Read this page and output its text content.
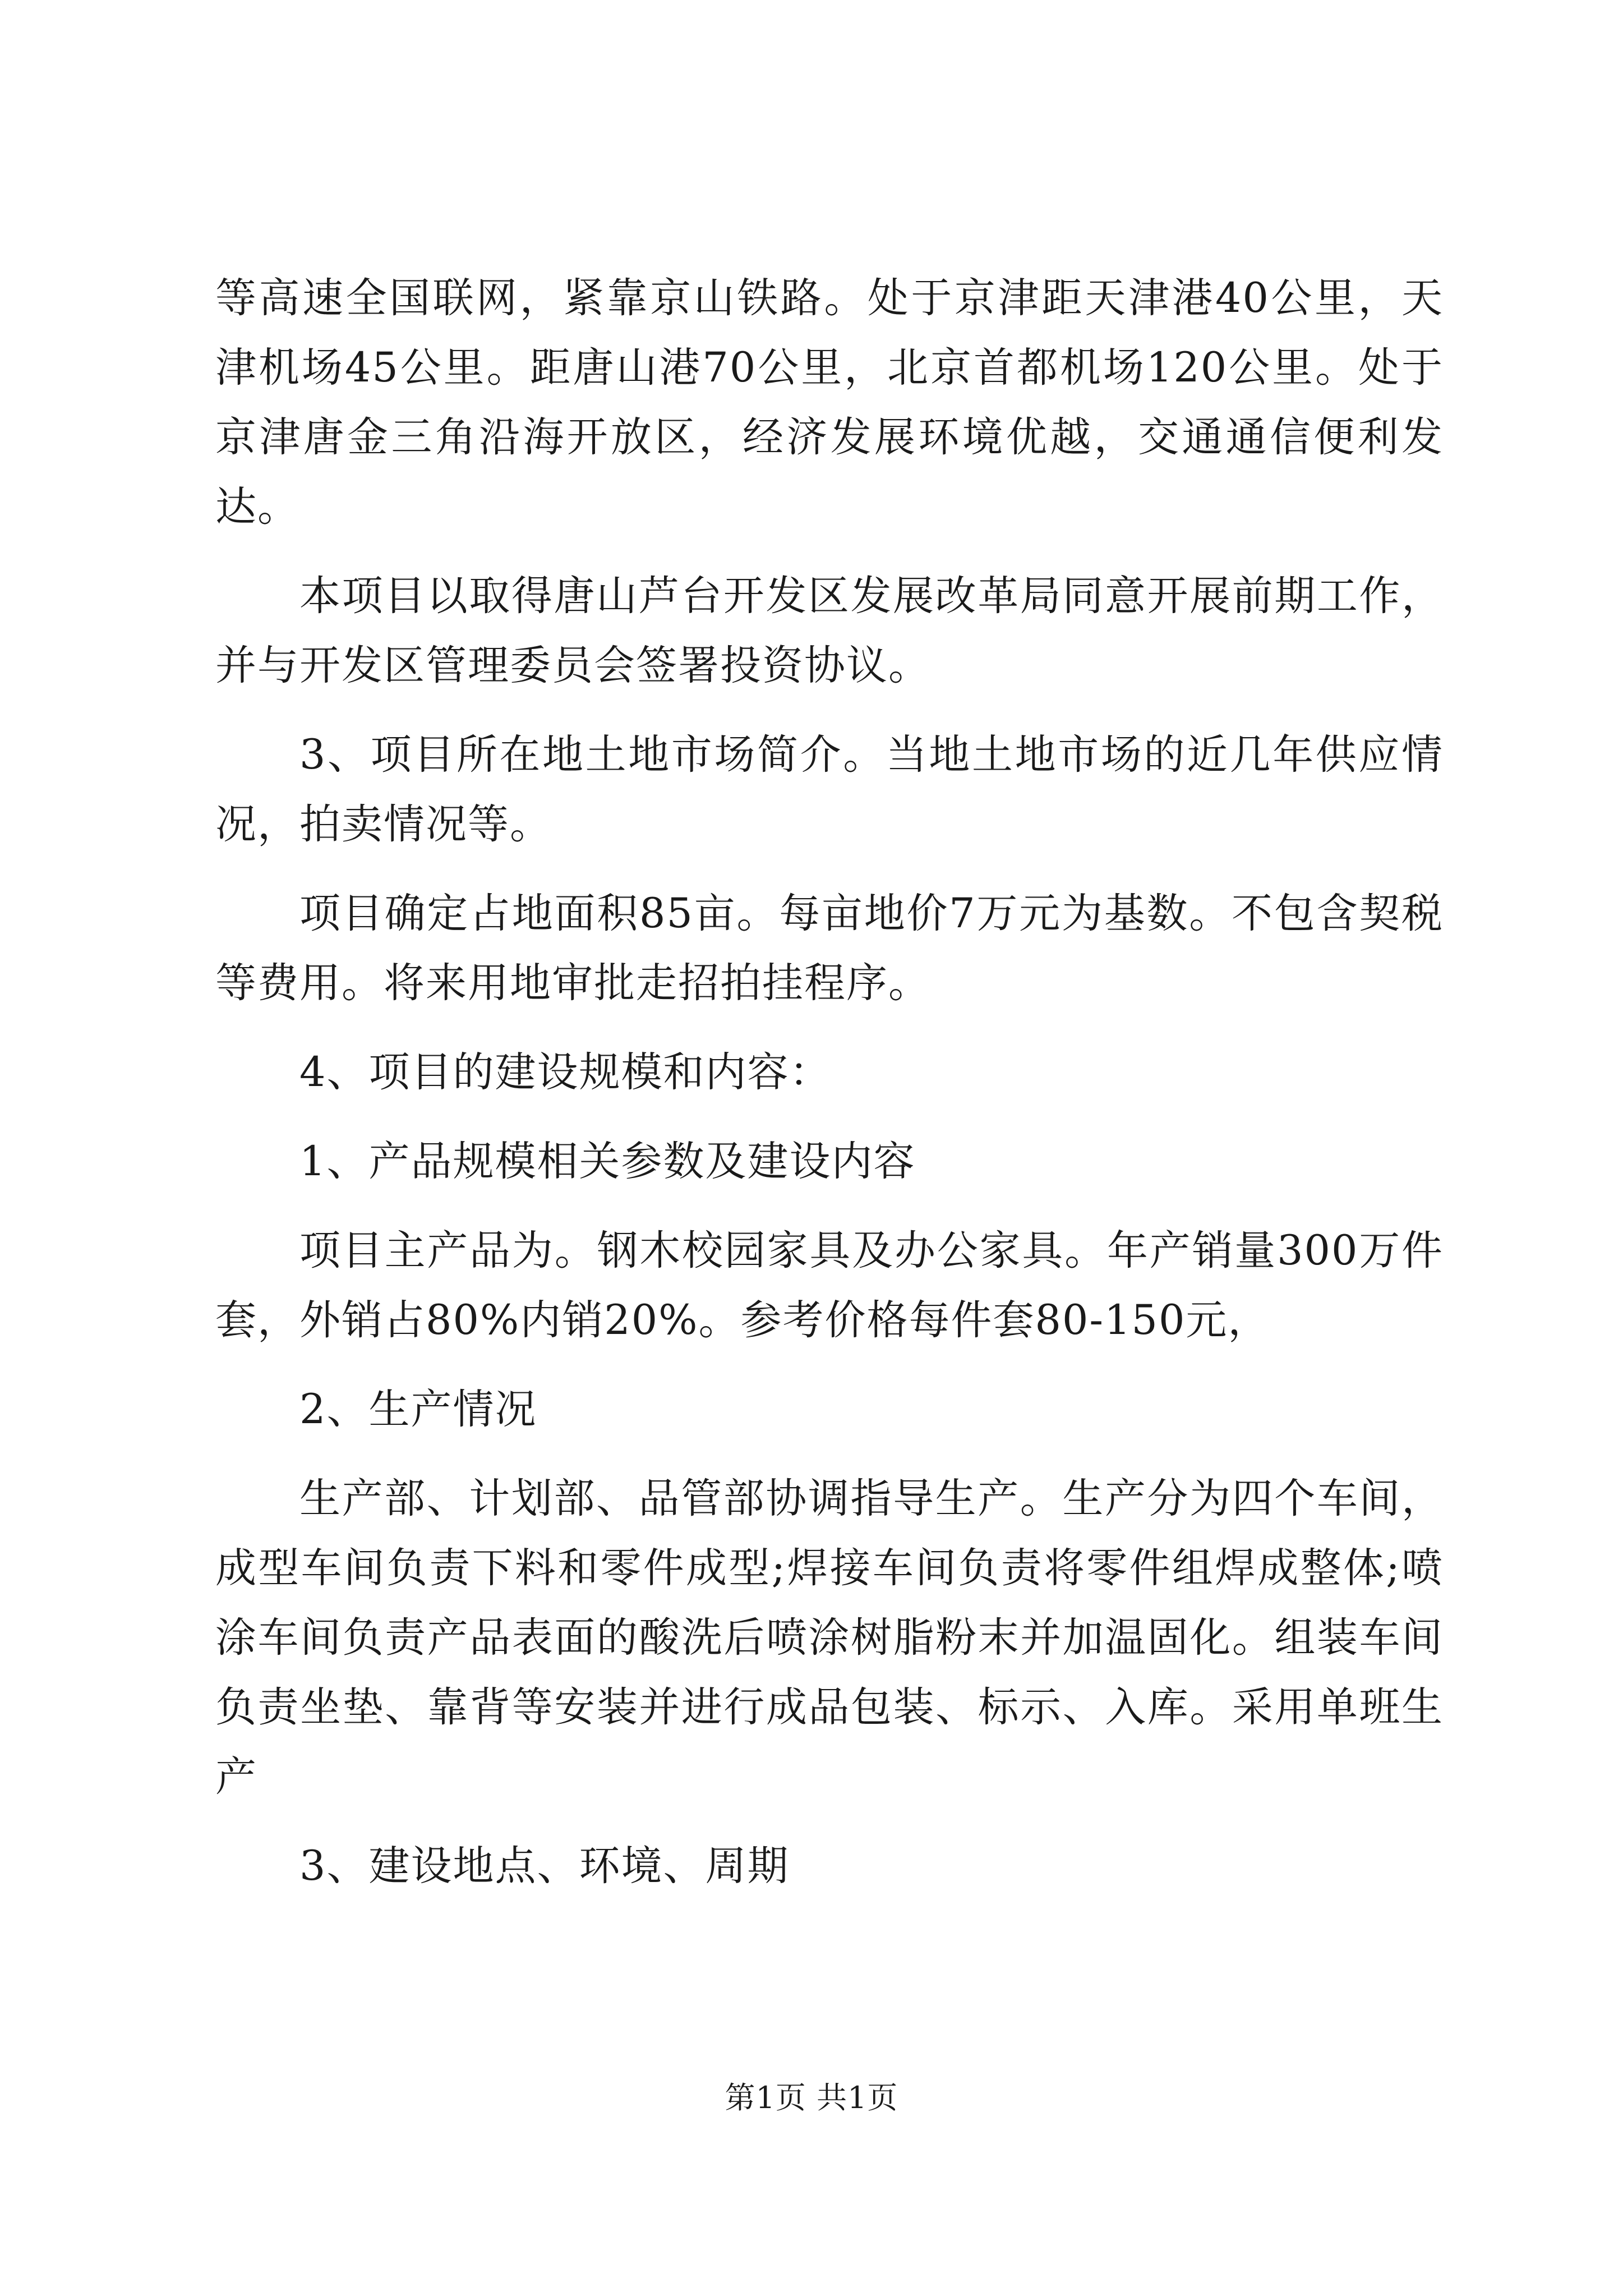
等高速全国联网，紧靠京山铁路。处于京津距天津港40公里，天津机场45公里。距唐山港70公里，北京首都机场120公里。处于京津唐金三角沿海开放区，经济发展环境优越，交通通信便利发达。

本项目以取得唐山芦台开发区发展改革局同意开展前期工作，并与开发区管理委员会签署投资协议。

3、项目所在地土地市场简介。当地土地市场的近几年供应情况，拍卖情况等。

项目确定占地面积85亩。每亩地价7万元为基数。不包含契税等费用。将来用地审批走招拍挂程序。

4、项目的建设规模和内容：

1、产品规模相关参数及建设内容

项目主产品为。钢木校园家具及办公家具。年产销量300万件套，外销占80%内销20%。参考价格每件套80-150元，

2、生产情况

生产部、计划部、品管部协调指导生产。生产分为四个车间，成型车间负责下料和零件成型;焊接车间负责将零件组焊成整体;喷涂车间负责产品表面的酸洗后喷涂树脂粉末并加温固化。组装车间负责坐垫、靠背等安装并进行成品包装、标示、入库。采用单班生产

3、建设地点、环境、周期

第1页 共1页
